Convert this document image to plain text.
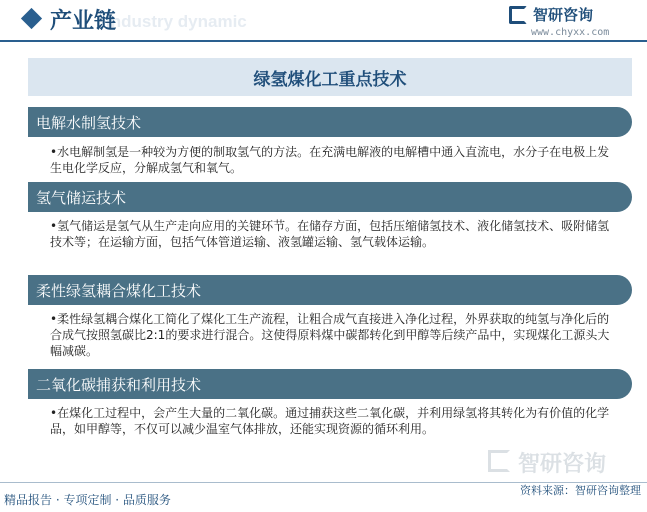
Industry dynamic
产业链	智研咨询
www.chyxx.com
绿氢煤化工重点技术
电解水制氢技术
•水电解制氢是一种较为方便的制取氢气的方法。在充满电解液的电解槽中通入直流电，水分子在电极上发生电化学反应，分解成氢气和氧气。
氢气储运技术
•氢气储运是氢气从生产走向应用的关键环节。在储存方面，包括压缩储氢技术、液化储氢技术、吸附储氢技术等；在运输方面，包括气体管道运输、液氢罐运输、氢气载体运输。
柔性绿氢耦合煤化工技术
•柔性绿氢耦合煤化工简化了煤化工生产流程，让粗合成气直接进入净化过程，外界获取的纯氢与净化后的合成气按照氢碳比2:1的要求进行混合。这使得原料煤中碳都转化到甲醇等后续产品中，实现煤化工源头大幅减碳。
二氧化碳捕获和利用技术
•在煤化工过程中，会产生大量的二氧化碳。通过捕获这些二氧化碳，并利用绿氢将其转化为有价值的化学品，如甲醇等，不仅可以减少温室气体排放，还能实现资源的循环利用。
智研咨询
精品报告 · 专项定制 · 品质服务
资料来源：智研咨询整理
